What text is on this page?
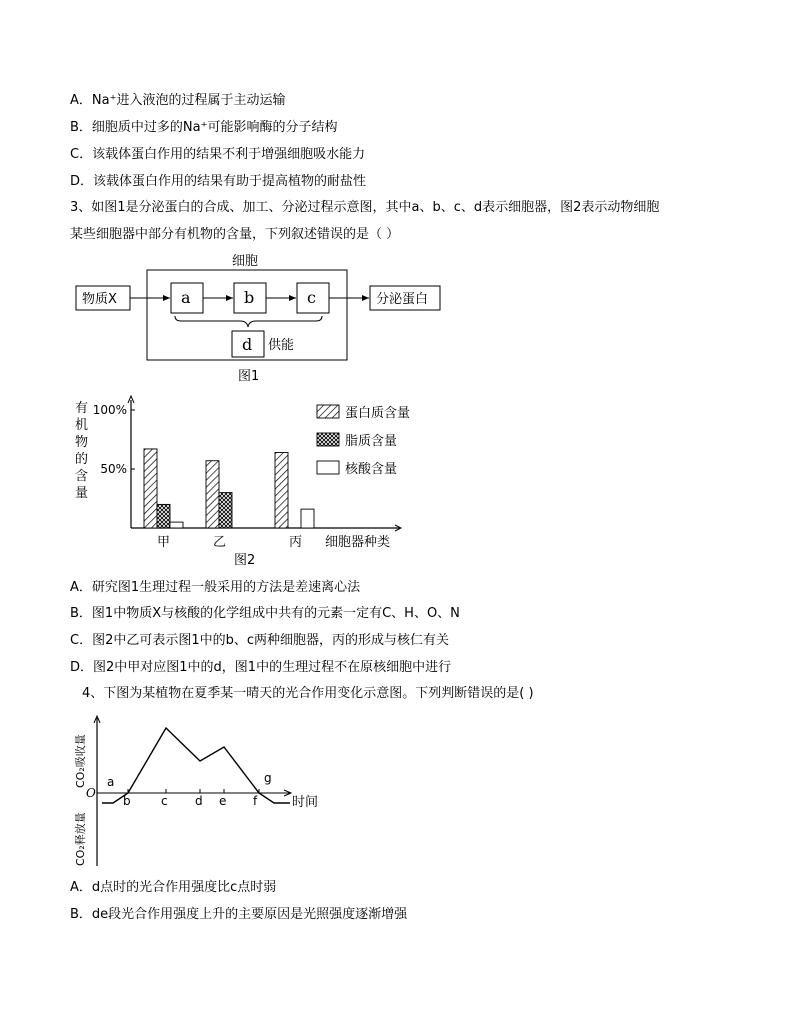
A．Na⁺进入液泡的过程属于主动运输
B．细胞质中过多的Na⁺可能影响酶的分子结构
C．该载体蛋白作用的结果不利于增强细胞吸水能力
D．该载体蛋白作用的结果有助于提高植物的耐盐性
3、如图1是分泌蛋白的合成、加工、分泌过程示意图，其中a、b、c、d表示细胞器，图2表示动物细胞
某些细胞器中部分有机物的含量，下列叙述错误的是（ ）
细胞
物质X	a	b	c	分泌蛋白
d 供能
图1
有
机
物
的
含
量
100%
50%
甲	乙	丙
蛋白质含量
脂质含量
核酸含量
细胞器种类
图2
A．研究图1生理过程一般采用的方法是差速离心法
B．图1中物质X与核酸的化学组成中共有的元素一定有C、H、O、N
C．图2中乙可表示图1中的b、c两种细胞器，丙的形成与核仁有关
D．图2中甲对应图1中的d，图1中的生理过程不在原核细胞中进行
4、下图为某植物在夏季某一晴天的光合作用变化示意图。下列判断错误的是( )
CO₂吸收量
CO₂释放量
O
时间
a
b	c d e f
g
A．d点时的光合作用强度比c点时弱
B．de段光合作用强度上升的主要原因是光照强度逐渐增强
